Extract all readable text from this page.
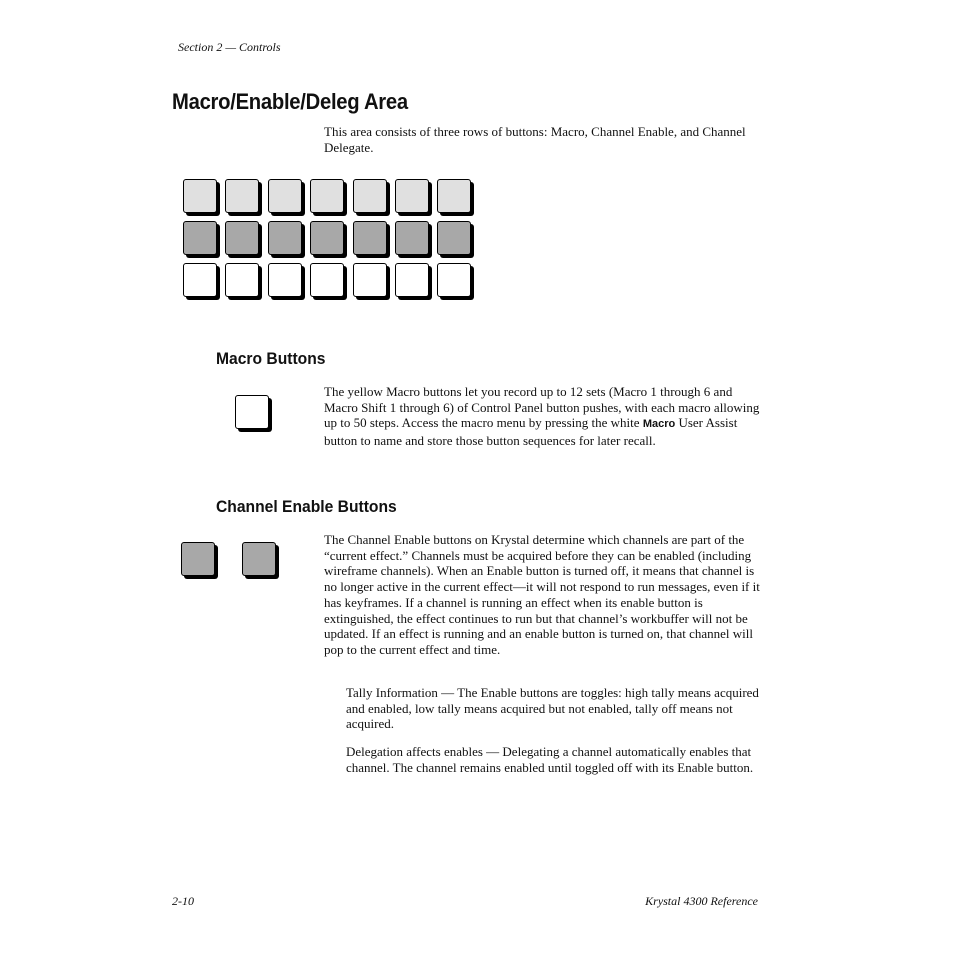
Section 2 — Controls
Macro/Enable/Deleg Area
This area consists of three rows of buttons: Macro, Channel Enable, and Channel Delegate.
Macro Buttons
The yellow Macro buttons let you record up to 12 sets (Macro 1 through 6 and Macro Shift 1 through 6) of Control Panel button pushes, with each macro allowing up to 50 steps. Access the macro menu by pressing the white Macro User Assist button to name and store those button sequences for later recall.
Channel Enable Buttons
The Channel Enable buttons on Krystal determine which channels are part of the “current effect.” Channels must be acquired before they can be enabled (including wireframe channels). When an Enable button is turned off, it means that channel is no longer active in the current effect—it will not respond to run messages, even if it has keyframes. If a channel is running an effect when its enable button is extinguished, the effect continues to run but that channel’s workbuffer will not be updated. If an effect is running and an enable button is turned on, that channel will pop to the current effect and time.
Tally Information — The Enable buttons are toggles: high tally means acquired and enabled, low tally means acquired but not enabled, tally off means not acquired.
Delegation affects enables — Delegating a channel automatically enables that channel. The channel remains enabled until toggled off with its Enable button.
2-10	Krystal 4300 Reference
